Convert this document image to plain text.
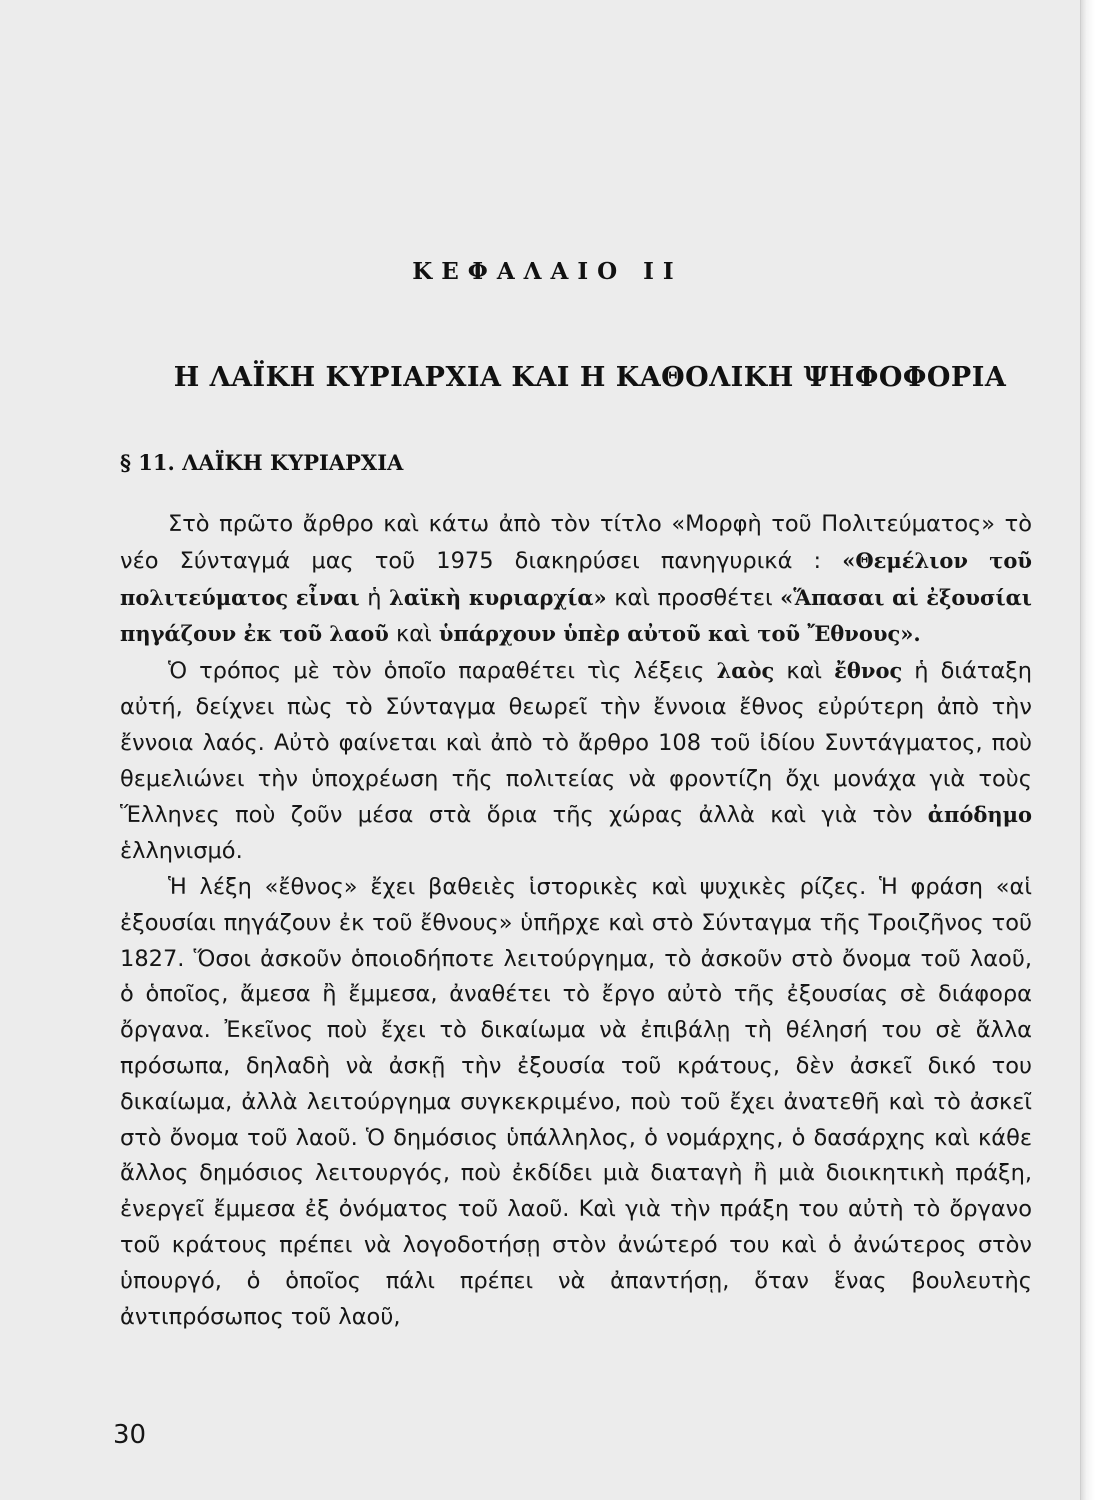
ΚΕΦΑΛΑΙΟ ΙΙ
Η ΛΑΪΚΗ ΚΥΡΙΑΡΧΙΑ ΚΑΙ Η ΚΑΘΟΛΙΚΗ ΨΗΦΟΦΟΡΙΑ
§ 11. ΛΑΪΚΗ ΚΥΡΙΑΡΧΙΑ

Στὸ πρῶτο ἄρθρο καὶ κάτω ἀπὸ τὸν τίτλο «Μορφὴ τοῦ Πολιτεύματος» τὸ νέο Σύνταγμά μας τοῦ 1975 διακηρύσει πανηγυρικά : «Θεμέλιον τοῦ πολιτεύματος εἶναι ἡ λαϊκὴ κυριαρχία» καὶ προσθέτει «Ἅπασαι αἱ ἐξουσίαι πηγάζουν ἐκ τοῦ λαοῦ καὶ ὑπάρχουν ὑπὲρ αὐτοῦ καὶ τοῦ Ἔθνους».

Ὁ τρόπος μὲ τὸν ὁποῖο παραθέτει τὶς λέξεις λαὸς καὶ ἔθνος ἡ διάταξη αὐτή, δείχνει πὼς τὸ Σύνταγμα θεωρεῖ τὴν ἔννοια ἔθνος εὐρύτερη ἀπὸ τὴν ἔννοια λαός. Αὐτὸ φαίνεται καὶ ἀπὸ τὸ ἄρθρο 108 τοῦ ἰδίου Συντάγματος, ποὺ θεμελιώνει τὴν ὑποχρέωση τῆς πολιτείας νὰ φροντίζη ὄχι μονάχα γιὰ τοὺς Ἕλληνες ποὺ ζοῦν μέσα στὰ ὅρια τῆς χώρας ἀλλὰ καὶ γιὰ τὸν ἀπόδημο ἑλληνισμό.

Ἡ λέξη «ἔθνος» ἔχει βαθειὲς ἱστορικὲς καὶ ψυχικὲς ρίζες. Ἡ φράση «αἱ ἐξουσίαι πηγάζουν ἐκ τοῦ ἔθνους» ὑπῆρχε καὶ στὸ Σύνταγμα τῆς Τροιζῆνος τοῦ 1827. Ὅσοι ἀσκοῦν ὁποιοδήποτε λειτούργημα, τὸ ἀσκοῦν στὸ ὄνομα τοῦ λαοῦ, ὁ ὁποῖος, ἄμεσα ἢ ἔμμεσα, ἀναθέτει τὸ ἔργο αὐτὸ τῆς ἐξουσίας σὲ διάφορα ὄργανα. Ἐκεῖνος ποὺ ἔχει τὸ δικαίωμα νὰ ἐπιβάλῃ τὴ θέλησή του σὲ ἄλλα πρόσωπα, δηλαδὴ νὰ ἀσκῇ τὴν ἐξουσία τοῦ κράτους, δὲν ἀσκεῖ δικό του δικαίωμα, ἀλλὰ λειτούργημα συγκεκριμένο, ποὺ τοῦ ἔχει ἀνατεθῆ καὶ τὸ ἀσκεῖ στὸ ὄνομα τοῦ λαοῦ. Ὁ δημόσιος ὑπάλληλος, ὁ νομάρχης, ὁ δασάρχης καὶ κάθε ἄλλος δημόσιος λειτουργός, ποὺ ἐκδίδει μιὰ διαταγὴ ἢ μιὰ διοικητικὴ πράξη, ἐνεργεῖ ἔμμεσα ἐξ ὀνόματος τοῦ λαοῦ. Καὶ γιὰ τὴν πράξη του αὐτὴ τὸ ὄργανο τοῦ κράτους πρέπει νὰ λογοδοτήσῃ στὸν ἀνώτερό του καὶ ὁ ἀνώτερος στὸν ὑπουργό, ὁ ὁποῖος πάλι πρέπει νὰ ἀπαντήσῃ, ὅταν ἕνας βουλευτὴς ἀντιπρόσωπος τοῦ λαοῦ,

30
